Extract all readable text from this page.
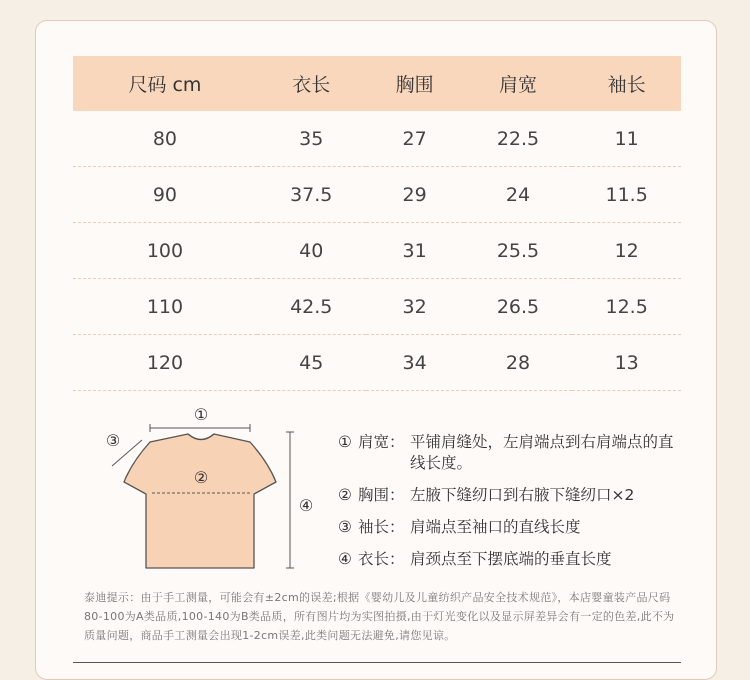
尺码 cm	衣长	胸围	肩宽	袖长
80	35	27	22.5	11
90	37.5	29	24	11.5
100	40	31	25.5	12
110	42.5	32	26.5	12.5
120	45	34	28	13
①
②
③
④
① 肩宽： 平铺肩缝处，左肩端点到右肩端点的直线长度。
② 胸围： 左腋下缝纫口到右腋下缝纫口×2
③ 袖长： 肩端点至袖口的直线长度
④ 衣长： 肩颈点至下摆底端的垂直长度
泰迪提示：由于手工测量，可能会有±2cm的误差;根据《婴幼儿及儿童纺织产品安全技术规范》，本店婴童装产品尺码80-100为A类品质,100-140为B类品质，所有图片均为实图拍摄,由于灯光变化以及显示屏差异会有一定的色差,此不为质量问题，商品手工测量会出现1-2cm误差,此类问题无法避免,请您见谅。
